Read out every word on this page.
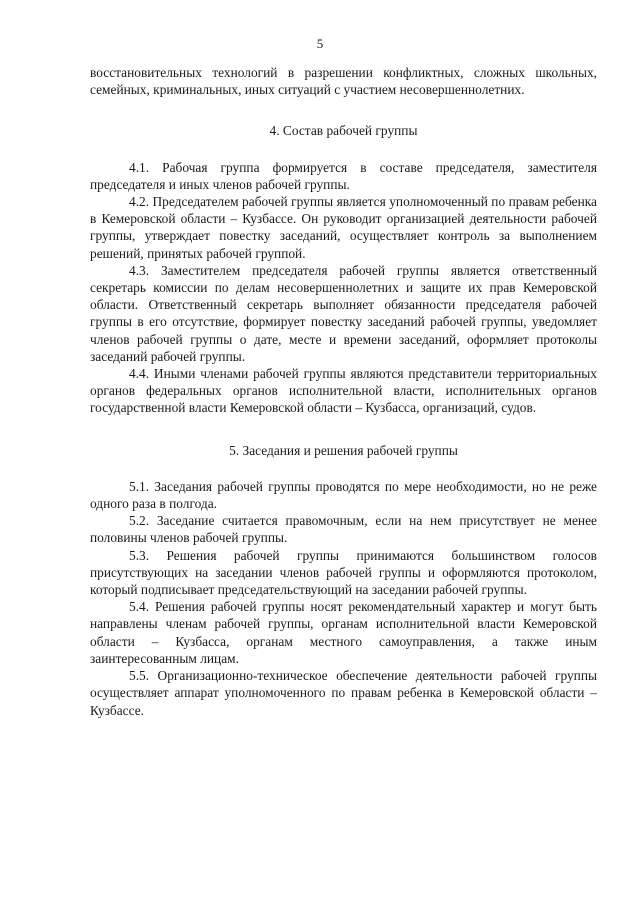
5

восстановительных технологий в разрешении конфликтных, сложных школьных, семейных, криминальных, иных ситуаций с участием несовершеннолетних.

4. Состав рабочей группы

4.1. Рабочая группа формируется в составе председателя, заместителя председателя и иных членов рабочей группы.

4.2. Председателем рабочей группы является уполномоченный по правам ребенка в Кемеровской области – Кузбассе. Он руководит организацией деятельности рабочей группы, утверждает повестку заседаний, осуществляет контроль за выполнением решений, принятых рабочей группой.

4.3. Заместителем председателя рабочей группы является ответственный секретарь комиссии по делам несовершеннолетних и защите их прав Кемеровской области. Ответственный секретарь выполняет обязанности председателя рабочей группы в его отсутствие, формирует повестку заседаний рабочей группы, уведомляет членов рабочей группы о дате, месте и времени заседаний, оформляет протоколы заседаний рабочей группы.

4.4. Иными членами рабочей группы являются представители территориальных органов федеральных органов исполнительной власти, исполнительных органов государственной власти Кемеровской области – Кузбасса, организаций, судов.

5. Заседания и решения рабочей группы

5.1. Заседания рабочей группы проводятся по мере необходимости, но не реже одного раза в полгода.

5.2. Заседание считается правомочным, если на нем присутствует не менее половины членов рабочей группы.

5.3. Решения рабочей группы принимаются большинством голосов присутствующих на заседании членов рабочей группы и оформляются протоколом, который подписывает председательствующий на заседании рабочей группы.

5.4. Решения рабочей группы носят рекомендательный характер и могут быть направлены членам рабочей группы, органам исполнительной власти Кемеровской области – Кузбасса, органам местного самоуправления, а также иным заинтересованным лицам.

5.5. Организационно-техническое обеспечение деятельности рабочей группы осуществляет аппарат уполномоченного по правам ребенка в Кемеровской области – Кузбассе.
